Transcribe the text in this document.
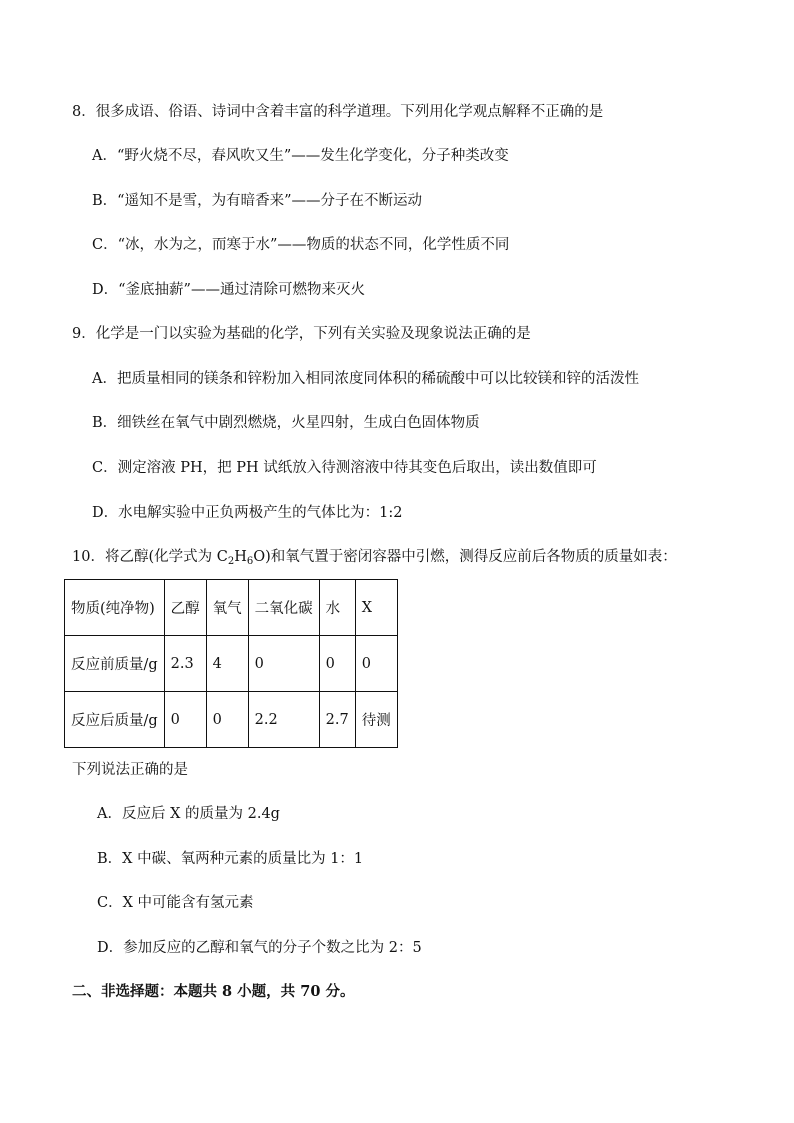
8．很多成语、俗语、诗词中含着丰富的科学道理。下列用化学观点解释不正确的是
A．“野火烧不尽，春风吹又生”——发生化学变化，分子种类改变
B．“遥知不是雪，为有暗香来”——分子在不断运动
C．“冰，水为之，而寒于水”——物质的状态不同，化学性质不同
D．“釜底抽薪”——通过清除可燃物来灭火
9．化学是一门以实验为基础的化学，下列有关实验及现象说法正确的是
A．把质量相同的镁条和锌粉加入相同浓度同体积的稀硫酸中可以比较镁和锌的活泼性
B．细铁丝在氧气中剧烈燃烧，火星四射，生成白色固体物质
C．测定溶液 PH，把 PH 试纸放入待测溶液中待其变色后取出，读出数值即可
D．水电解实验中正负两极产生的气体比为：1:2
10．将乙醇(化学式为 $C_2H_6O$)和氧气置于密闭容器中引燃，测得反应前后各物质的质量如表：
物质(纯净物)	乙醇	氧气	二氧化碳	水	X
反应前质量/g	2.3	4	0	0	0
反应后质量/g	0	0	2.2	2.7	待测
下列说法正确的是
A．反应后 X 的质量为 2.4g
B．X 中碳、氧两种元素的质量比为 1：1
C．X 中可能含有氢元素
D．参加反应的乙醇和氧气的分子个数之比为 2：5
二、非选择题：本题共 8 小题，共 70 分。
